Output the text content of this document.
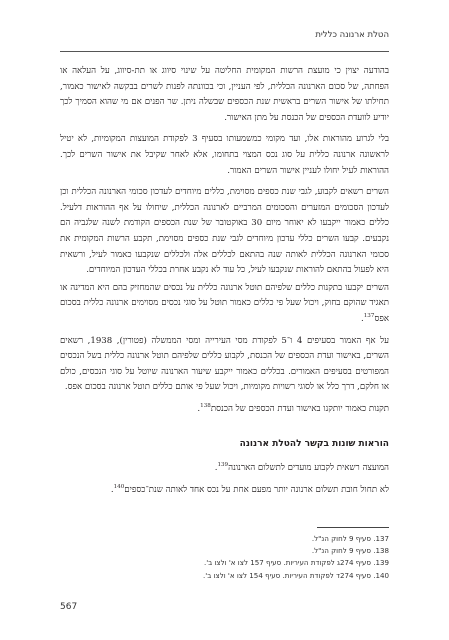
הטלת ארנונה כללית

בהודעה יצוין כי מועצת הרשות המקומית החליטה על שינוי סיווג או תת-סיווג, על העלאה או הפחתה, של סכום הארנונה הכללית, לפי העניין, וכי בכוונתה לפנות לשרים בבקשה לאישור כאמור, תחילתו של אישור השרים בראשית שנת הכספים שבשלה ניתן. שר הפנים אם מי שהוא הסמיך לכך יודיע לוועדת הכספים של הכנסת על מתן האישור.

בלי לגרוע מהוראות אלו, ועד מקומי כמשמעותו בסעיף 3 לפקודת המועצות המקומיות, לא יטיל לראשונה ארנונה כללית על סוג נכס המצוי בתחומו, אלא לאחר שקיבל את אישור השרים לכך. ההוראות לעיל יחולו לעניין אישור השרים האמור.

השרים רשאים לקבוע, לגבי שנת כספים מסוימת, כללים מיוחדים לעדכון סכומי הארנונה הכללית וכן לעדכון הסכומים המזערים והסכומים המרביים לארנונה הכללית, שיחולו על אף ההוראות דלעיל. כללים כאמור ייקבעו לא יאוחר מיום 30 באוקטובר של שנת הכספים הקודמת לשנה שלגביה הם נקבעים. קבעו השרים כללי עדכון מיוחדים לגבי שנת כספים מסוימת, תקבע הרשות המקומית את סכומי הארנונה הכללית לאותה שנה בהתאם לכללים אלה ולכללים שנקבעו כאמור לעיל, ורשאית היא לפעול בהתאם להוראות שנקבעו לעיל, כל עוד לא נקבע אחרת בכללי העדכון המיוחדים.

השרים יקבעו בתקנות כללים שלפיהם תוטל ארנונה כללית על נכסים שהמחזיק בהם היא המדינה או תאגיד שהוקם בחוק, ויכול שעל פי כללים כאמור תוטל על סוגי נכסים מסוימים ארנונה כללית בסכום אפס$^{137}$.

על אף האמור בסעיפים 4 ו־5 לפקודת מסי העירייה ומסי הממשלה (פטורין), 1938, רשאים השרים, באישור ועדת הכספים של הכנסת, לקבוע כללים שלפיהם תוטל ארנונה כללית בשל הנכסים המפורטים בסעיפים האמורים. בכללים כאמור ייקבע שיעור הארנונה שיוטל על סוגי הנכסים, כולם או חלקם, דרך כלל או לסוגי רשויות מקומיות, ויכול שעל פי אותם כללים תוטל ארנונה בסכום אפס.

תקנות כאמור יותקנו באישור ועדת הכספים של הכנסת$^{138}$.

הוראות שונות בקשר להטלת ארנונה

המועצה רשאית לקבוע מועדים לתשלום הארנונה$^{139}$.

לא תחול חובת תשלום ארנונה יותר מפעם אחת על נכס אחד לאותה שנת־כספים$^{140}$.

137. סעיף 9 לחוק הנ"ל.
138. סעיף 9 לחוק הנ"ל.
139. סעיף 274ג לפקודת העיריות. סעיף 157 לצו א' ולצו ב'.
140. סעיף 274ד לפקודת העיריות. סעיף 154 לצו א' ולצו ב'.
567
